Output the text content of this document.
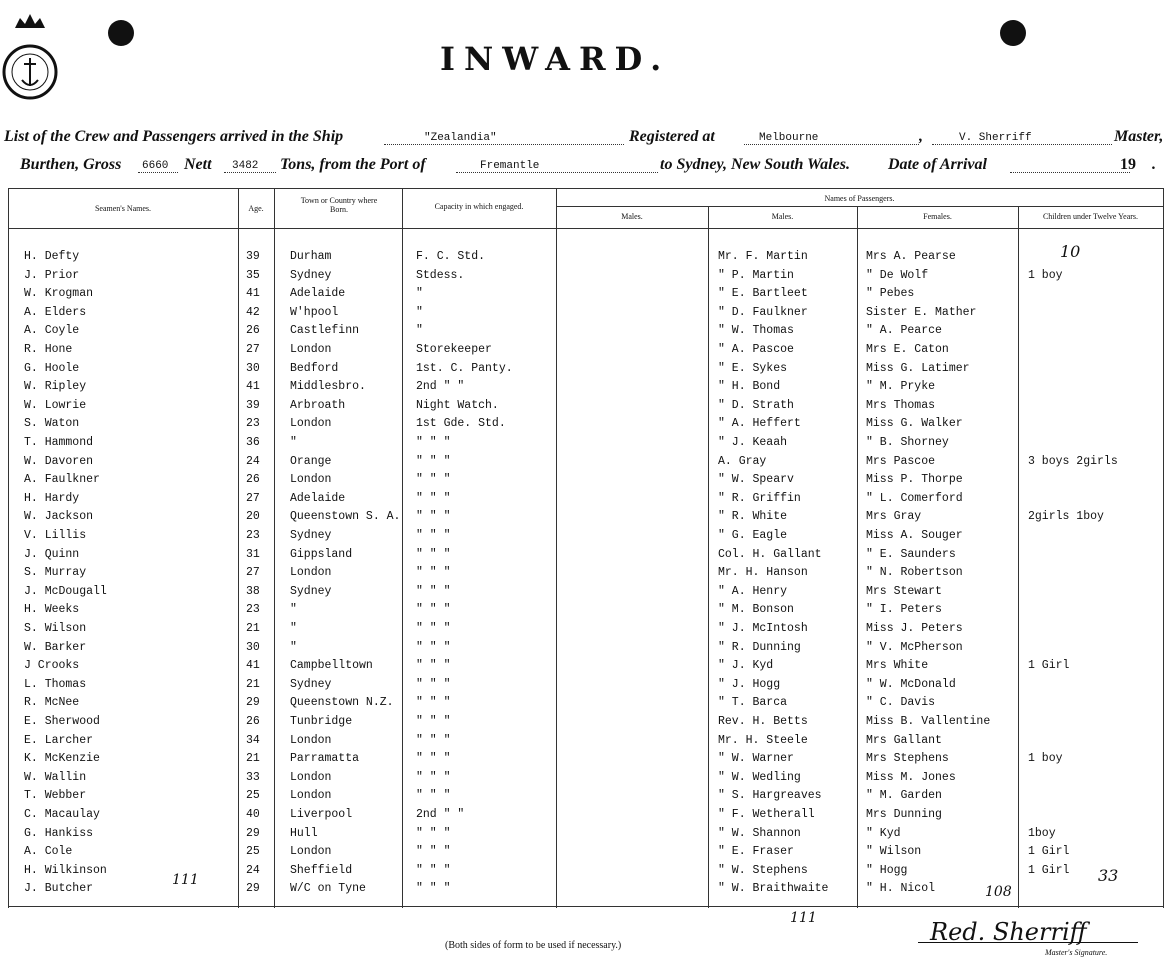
INWARD.
List of the Crew and Passengers arrived in the Ship	"Zealandia"	Registered at	Melbourne	,	V. Sherriff	Master,
Burthen, Gross 6660 Nett 3482 Tons, from the Port of	Fremantle	to Sydney, New South Wales. Date of Arrival	19 .
Seamen's Names.	Age.
Town or Country where Born.	Capacity in which engaged.
Names of Passengers.
Males.	Males.	Females.	Children under Twelve Years.
H. Defty	39	Durham	F. C. Std.	Mr. F. Martin	Mrs A. Pearse
J. Prior	35	Sydney	Stdess.	" P. Martin	" De Wolf	1 boy
W. Krogman	41	Adelaide	"	" E. Bartleet	" Pebes
A. Elders	42	W'hpool	"	" D. Faulkner	Sister E. Mather
A. Coyle	26	Castlefinn	"	" W. Thomas	" A. Pearce
R. Hone	27	London	Storekeeper	" A. Pascoe	Mrs E. Caton
G. Hoole	30	Bedford	1st. C. Panty.	" E. Sykes	Miss G. Latimer
W. Ripley	41	Middlesbro.	2nd " "	" H. Bond	" M. Pryke
W. Lowrie	39	Arbroath	Night Watch.	" D. Strath	Mrs Thomas
S. Waton	23	London	1st Gde. Std.	" A. Heffert	Miss G. Walker
T. Hammond	36	"	" " "	" J. Keaah	" B. Shorney
W. Davoren	24	Orange	" " "	A. Gray	Mrs Pascoe	3 boys 2girls
A. Faulkner	26	London	" " "	" W. Spearv	Miss P. Thorpe
H. Hardy	27	Adelaide	" " "	" R. Griffin	" L. Comerford
W. Jackson	20	Queenstown S. A. " " "	" R. White	Mrs Gray	2girls 1boy
V. Lillis	23	Sydney	" " "	" G. Eagle	Miss A. Souger
J. Quinn	31	Gippsland	" " "	Col. H. Gallant	" E. Saunders
S. Murray	27	London	" " "	Mr. H. Hanson	" N. Robertson
J. McDougall	38	Sydney	" " "	" A. Henry	Mrs Stewart
H. Weeks	23	"	" " "	" M. Bonson	" I. Peters
S. Wilson	21	"	" " "	" J. McIntosh	Miss J. Peters
W. Barker	30	"	" " "	" R. Dunning	" V. McPherson
J Crooks	41	Campbelltown	" " "	" J. Kyd	Mrs White	1 Girl
L. Thomas	21	Sydney	" " "	" J. Hogg	" W. McDonald
R. McNee	29	Queenstown N.Z. " " "	" T. Barca	" C. Davis
E. Sherwood	26	Tunbridge	" " "	Rev. H. Betts	Miss B. Vallentine
E. Larcher	34	London	" " "	Mr. H. Steele	Mrs Gallant
K. McKenzie	21	Parramatta	" " "	" W. Warner	Mrs Stephens	1 boy
W. Wallin	33	London	" " "	" W. Wedling	Miss M. Jones
T. Webber	25	London	" " "	" S. Hargreaves	" M. Garden
C. Macaulay	40	Liverpool	2nd " "	" F. Wetherall	Mrs Dunning
G. Hankiss	29	Hull	" " "	" W. Shannon	" Kyd	1boy
A. Cole	25	London	" " "	" E. Fraser	" Wilson	1 Girl
H. Wilkinson	24	Sheffield	" " "	" W. Stephens	" Hogg	1 Girl
J. Butcher	29	W/C on Tyne	" " "	" W. Braithwaite	" H. Nicol
111
108
111
33
10
(Both sides of form to be used if necessary.)	Red. Sherriff
Master's Signature.
